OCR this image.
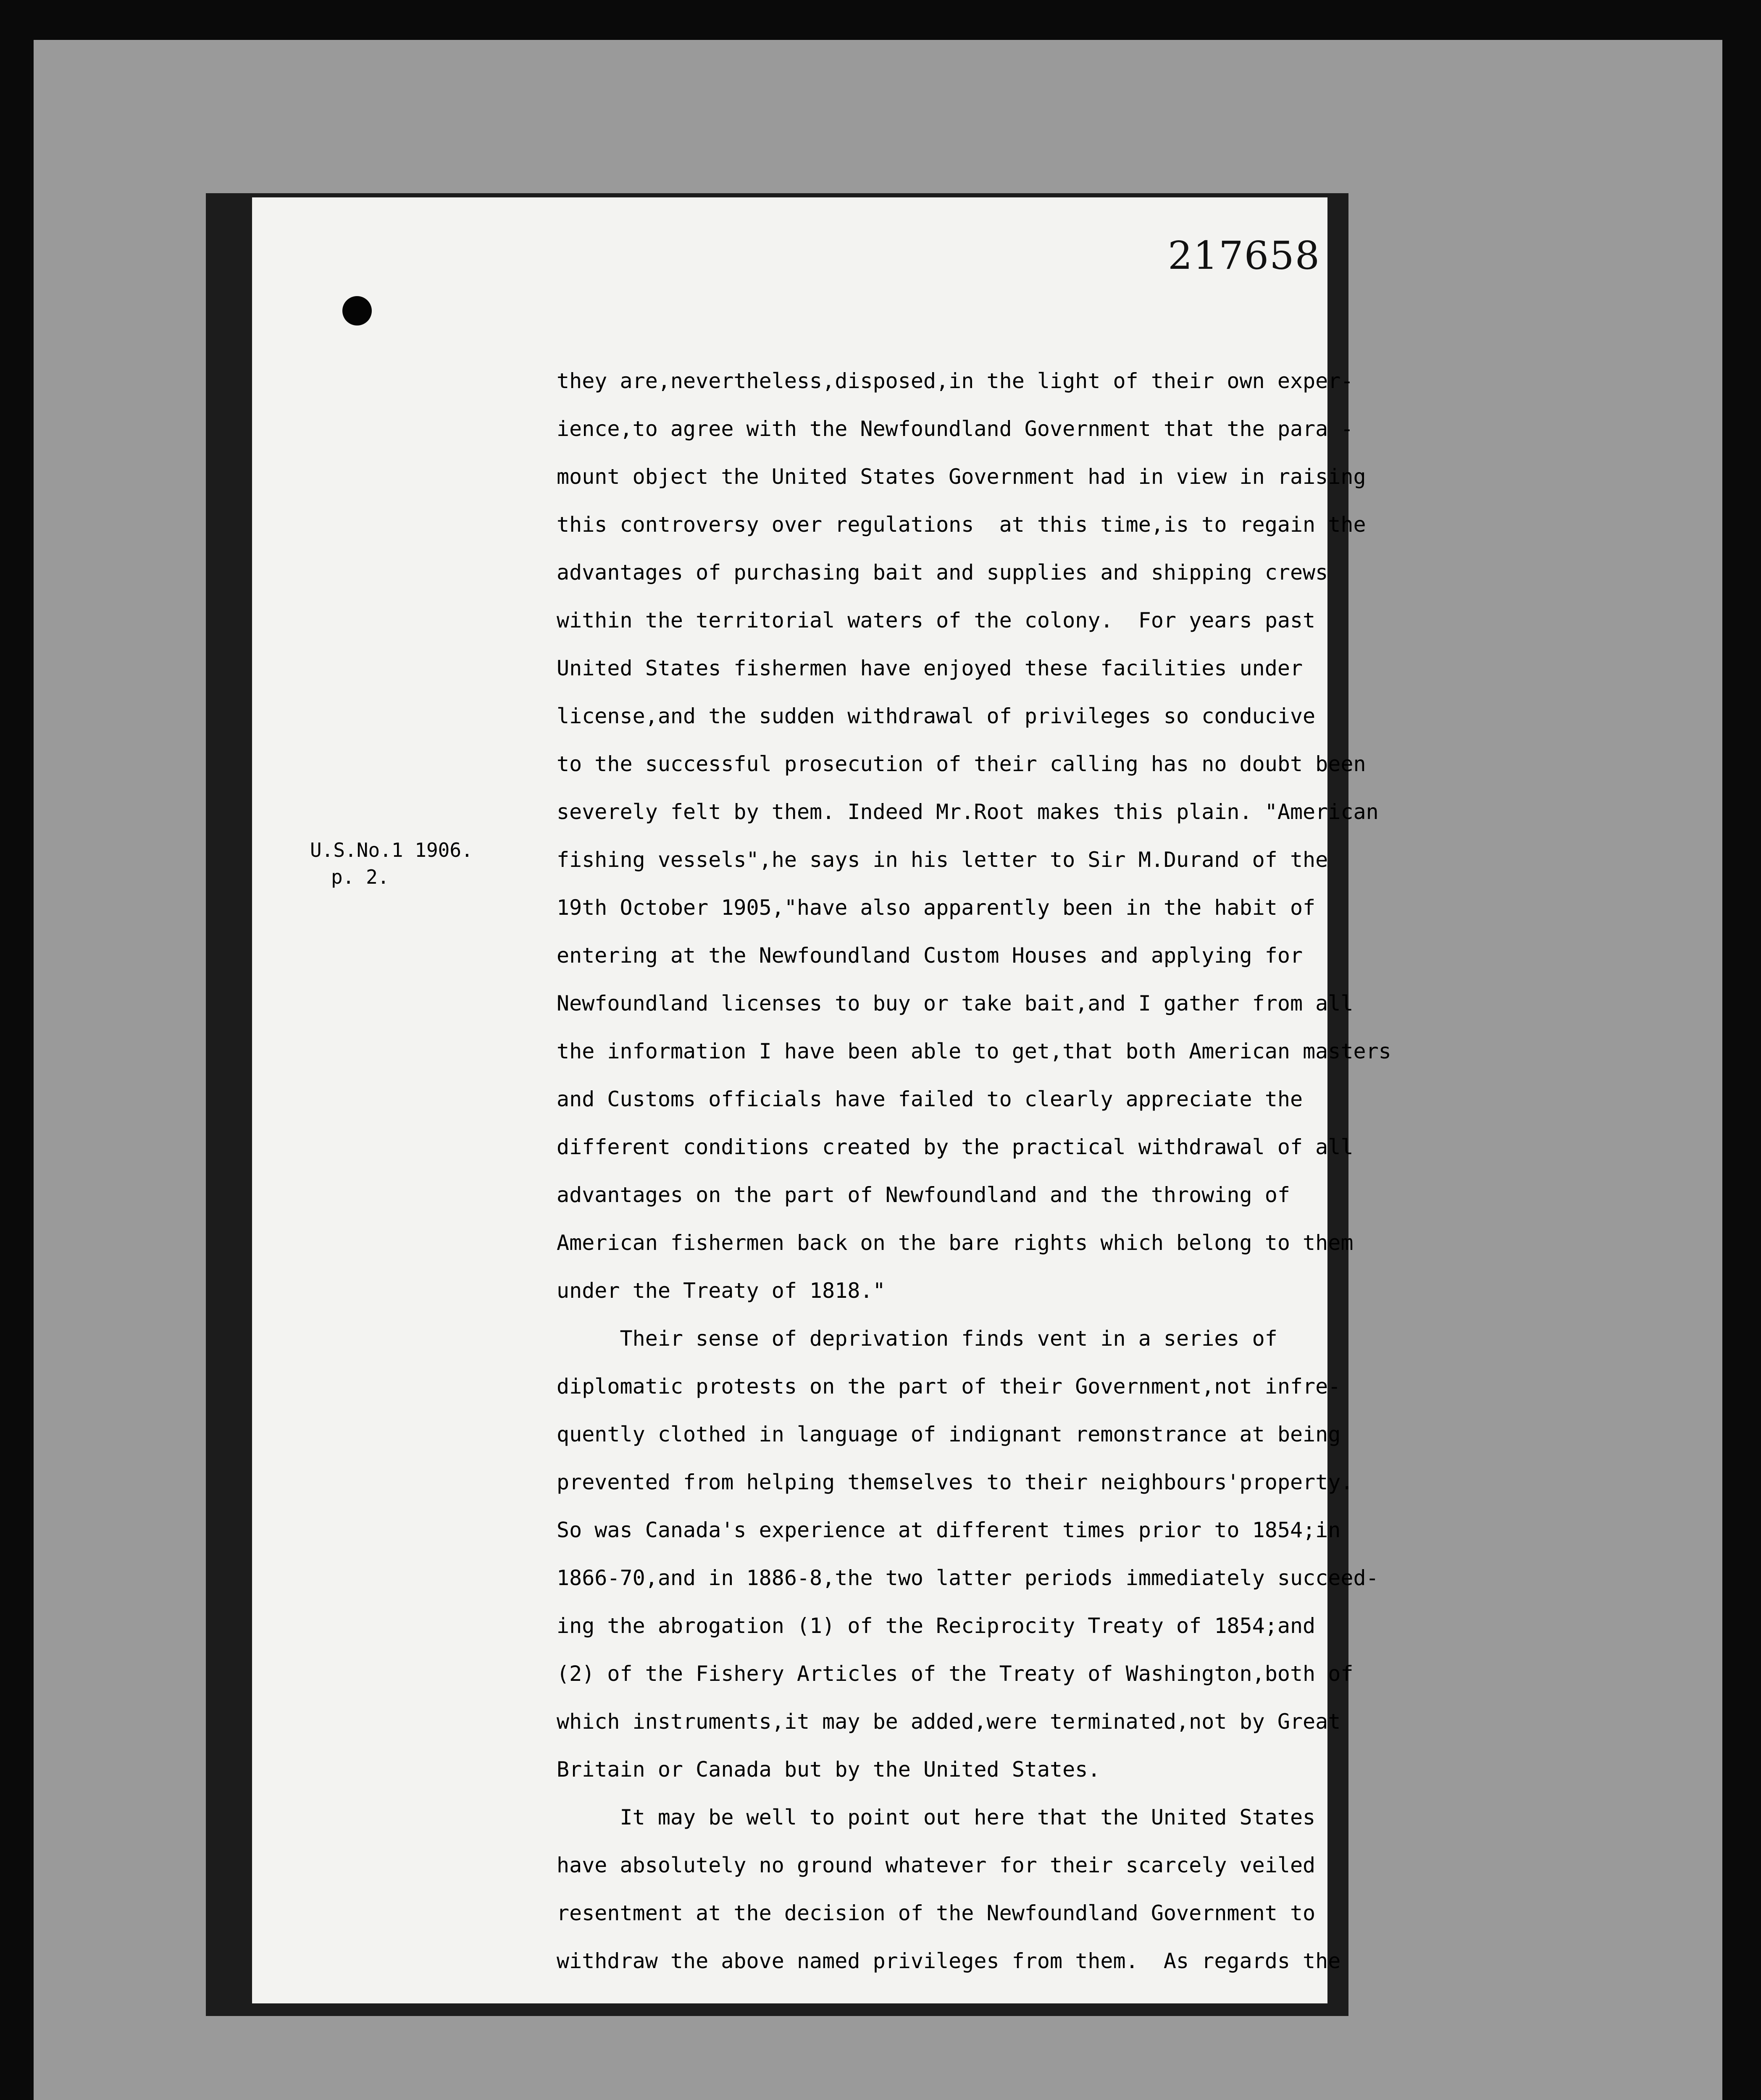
217658
U.S.No.1 1906.
p. 2.
they are,nevertheless,disposed,in the light of their own exper-
ience,to agree with the Newfoundland Government that the para -
mount object the United States Government had in view in raising
this controversy over regulations  at this time,is to regain the
advantages of purchasing bait and supplies and shipping crews
within the territorial waters of the colony.  For years past
United States fishermen have enjoyed these facilities under
license,and the sudden withdrawal of privileges so conducive
to the successful prosecution of their calling has no doubt been
severely felt by them. Indeed Mr.Root makes this plain. "American
fishing vessels",he says in his letter to Sir M.Durand of the
19th October 1905,"have also apparently been in the habit of
entering at the Newfoundland Custom Houses and applying for
Newfoundland licenses to buy or take bait,and I gather from all
the information I have been able to get,that both American masters
and Customs officials have failed to clearly appreciate the
different conditions created by the practical withdrawal of all
advantages on the part of Newfoundland and the throwing of
American fishermen back on the bare rights which belong to them
under the Treaty of 1818."
Their sense of deprivation finds vent in a series of
diplomatic protests on the part of their Government,not infre-
quently clothed in language of indignant remonstrance at being
prevented from helping themselves to their neighbours'property.
So was Canada's experience at different times prior to 1854;in
1866-70,and in 1886-8,the two latter periods immediately succeed-
ing the abrogation (1) of the Reciprocity Treaty of 1854;and
(2) of the Fishery Articles of the Treaty of Washington,both of
which instruments,it may be added,were terminated,not by Great
Britain or Canada but by the United States.
It may be well to point out here that the United States
have absolutely no ground whatever for their scarcely veiled
resentment at the decision of the Newfoundland Government to
withdraw the above named privileges from them.  As regards the
